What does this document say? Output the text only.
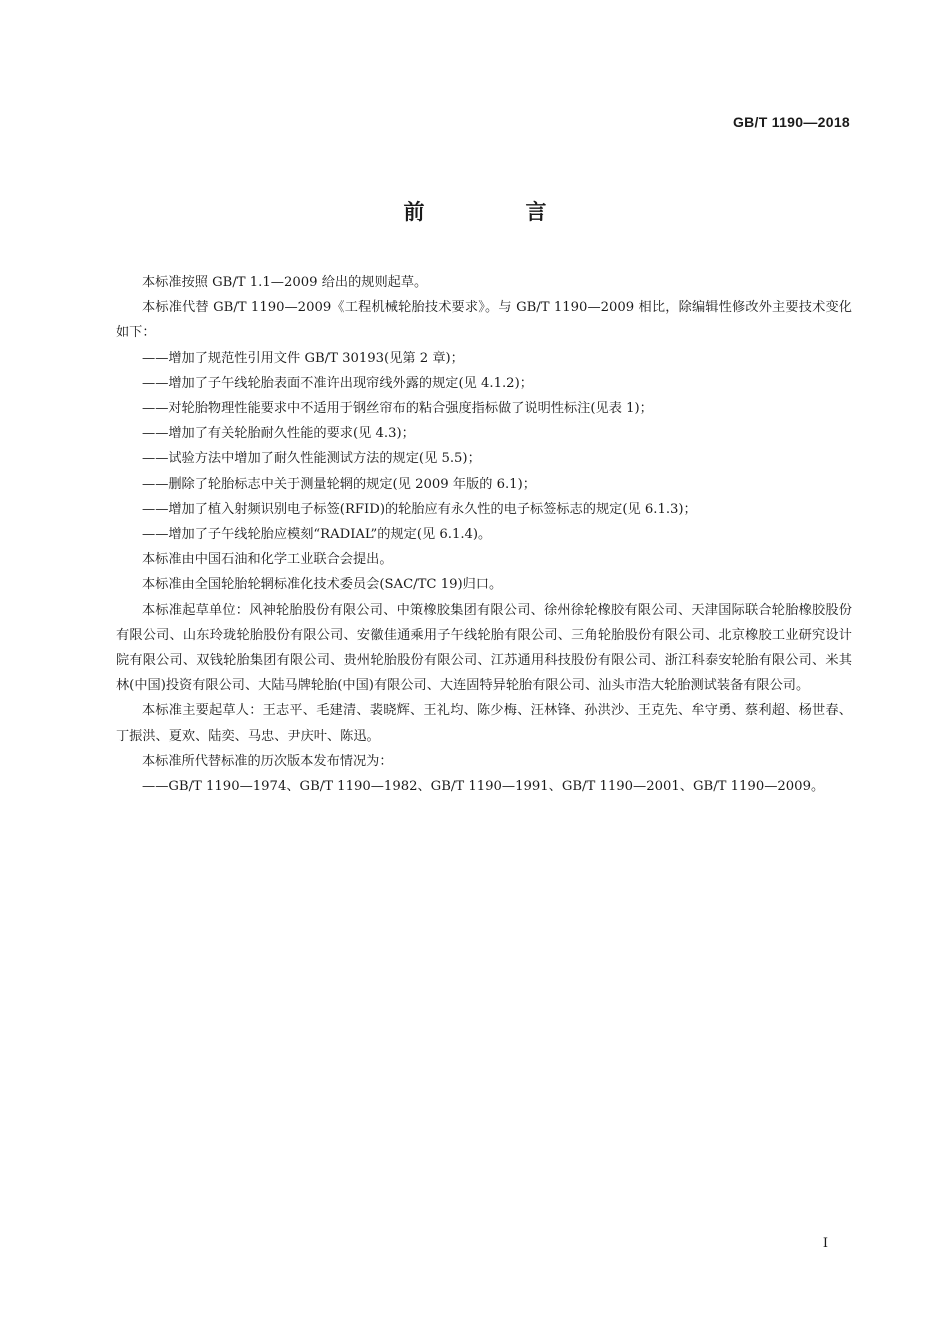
GB/T 1190—2018
前　言

本标准按照 GB/T 1.1—2009 给出的规则起草。

本标准代替 GB/T 1190—2009《工程机械轮胎技术要求》。与 GB/T 1190—2009 相比，除编辑性修改外主要技术变化如下：

——增加了规范性引用文件 GB/T 30193(见第 2 章)；

——增加了子午线轮胎表面不准许出现帘线外露的规定(见 4.1.2)；

——对轮胎物理性能要求中不适用于钢丝帘布的粘合强度指标做了说明性标注(见表 1)；

——增加了有关轮胎耐久性能的要求(见 4.3)；

——试验方法中增加了耐久性能测试方法的规定(见 5.5)；

——删除了轮胎标志中关于测量轮辋的规定(见 2009 年版的 6.1)；

——增加了植入射频识别电子标签(RFID)的轮胎应有永久性的电子标签标志的规定(见 6.1.3)；

——增加了子午线轮胎应模刻“RADIAL”的规定(见 6.1.4)。

本标准由中国石油和化学工业联合会提出。

本标准由全国轮胎轮辋标准化技术委员会(SAC/TC 19)归口。

本标准起草单位：风神轮胎股份有限公司、中策橡胶集团有限公司、徐州徐轮橡胶有限公司、天津国际联合轮胎橡胶股份有限公司、山东玲珑轮胎股份有限公司、安徽佳通乘用子午线轮胎有限公司、三角轮胎股份有限公司、北京橡胶工业研究设计院有限公司、双钱轮胎集团有限公司、贵州轮胎股份有限公司、江苏通用科技股份有限公司、浙江科泰安轮胎有限公司、米其林(中国)投资有限公司、大陆马牌轮胎(中国)有限公司、大连固特异轮胎有限公司、汕头市浩大轮胎测试装备有限公司。

本标准主要起草人：王志平、毛建清、裴晓辉、王礼均、陈少梅、汪林锋、孙洪沙、王克先、牟守勇、蔡利超、杨世春、丁振洪、夏欢、陆奕、马忠、尹庆叶、陈迅。

本标准所代替标准的历次版本发布情况为：

——GB/T 1190—1974、GB/T 1190—1982、GB/T 1190—1991、GB/T 1190—2001、GB/T 1190—2009。

I
